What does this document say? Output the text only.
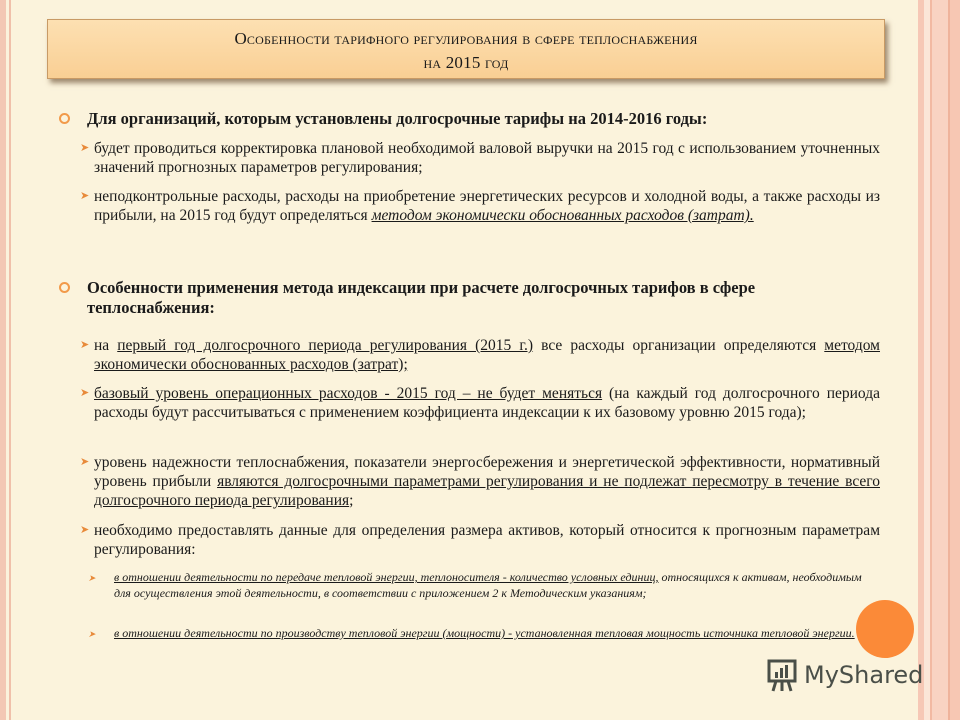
Особенности тарифного регулирования в сфере теплоснабжения
на 2015 год
Для организаций, которым установлены долгосрочные тарифы на 2014-2016 годы:
➤ будет проводиться корректировка плановой необходимой валовой выручки на 2015 год с использованием уточненных значений прогнозных параметров регулирования;
➤ неподконтрольные расходы, расходы на приобретение энергетических ресурсов и холодной воды, а также расходы из прибыли, на 2015 год будут определяться методом экономически обоснованных расходов (затрат).
Особенности применения метода индексации при расчете долгосрочных тарифов в сфере теплоснабжения:
➤ на первый год долгосрочного периода регулирования (2015 г.) все расходы организации определяются методом экономически обоснованных расходов (затрат);
➤ базовый уровень операционных расходов - 2015 год – не будет меняться (на каждый год долгосрочного периода расходы будут рассчитываться с применением коэффициента индексации к их базовому уровню 2015 года);
➤ уровень надежности теплоснабжения, показатели энергосбережения и энергетической эффективности, нормативный уровень прибыли являются долгосрочными параметрами регулирования и не подлежат пересмотру в течение всего долгосрочного периода регулирования;
➤ необходимо предоставлять данные для определения размера активов, который относится к прогнозным параметрам регулирования:
➤ в отношении деятельности по передаче тепловой энергии, теплоносителя - количество условных единиц, относящихся к активам, необходимым для осуществления этой деятельности, в соответствии с приложением 2 к Методическим указаниям;
➤ в отношении деятельности по производству тепловой энергии (мощности) - установленная тепловая мощность источника тепловой энергии.
MyShared
